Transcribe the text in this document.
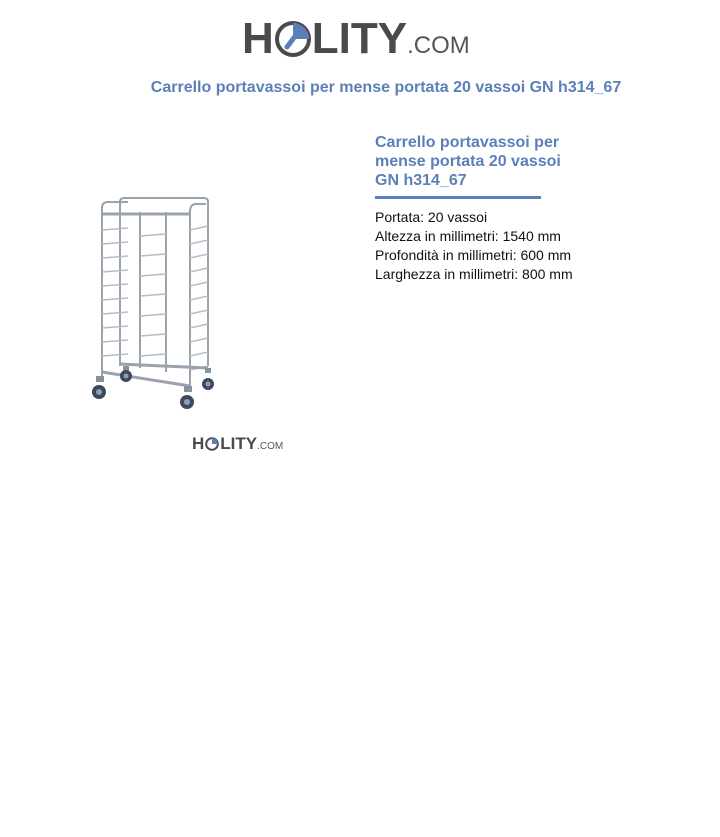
H LITY .COM
Carrello portavassoi per mense portata 20 vassoi GN h314_67
H LITY .COM
Carrello portavassoi per mense portata 20 vassoi GN h314_67
Portata: 20 vassoi
Altezza in millimetri: 1540 mm
Profondità in millimetri: 600 mm
Larghezza in millimetri: 800 mm
